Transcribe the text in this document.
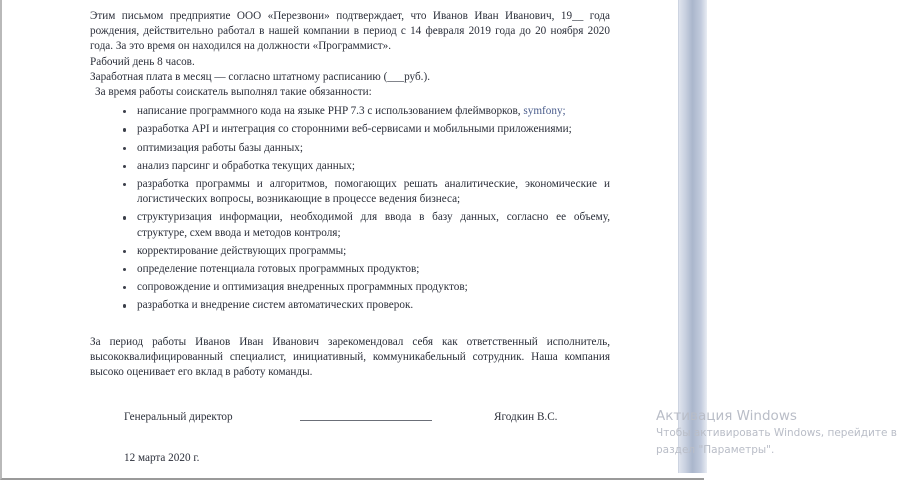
Этим письмом предприятие ООО «Перезвони» подтверждает, что Иванов Иван Иванович, 19__ года рождения, действительно работал в нашей компании в период с 14 февраля 2019 года до 20 ноября 2020 года. За это время он находился на должности «Программист».

Рабочий день 8 часов.

Заработная плата в месяц — согласно штатному расписанию (___руб.).

За время работы соискатель выполнял такие обязанности:

написание программного кода на языке PHP 7.3 с использованием флеймворков, symfony;
разработка API и интеграция со сторонними веб-сервисами и мобильными приложениями;
оптимизация работы базы данных;
анализ парсинг и обработка текущих данных;
разработка программы и алгоритмов, помогающих решать аналитические, экономические и логистических вопросы, возникающие в процессе ведения бизнеса;
структуризация информации, необходимой для ввода в базу данных, согласно ее объему, структуре, схем ввода и методов контроля;
корректирование действующих программы;
определение потенциала готовых программных продуктов;
сопровождение и оптимизация внедренных программных продуктов;
разработка и внедрение систем автоматических проверок.

За период работы Иванов Иван Иванович зарекомендовал себя как ответственный исполнитель, высококвалифицированный специалист, инициативный, коммуникабельный сотрудник. Наша компания высоко оценивает его вклад в работу команды.

Генеральный директор	Ягодкин В.С.
12 марта 2020 г.
Активация Windows
Чтобы активировать Windows, перейдите в
раздел "Параметры".
